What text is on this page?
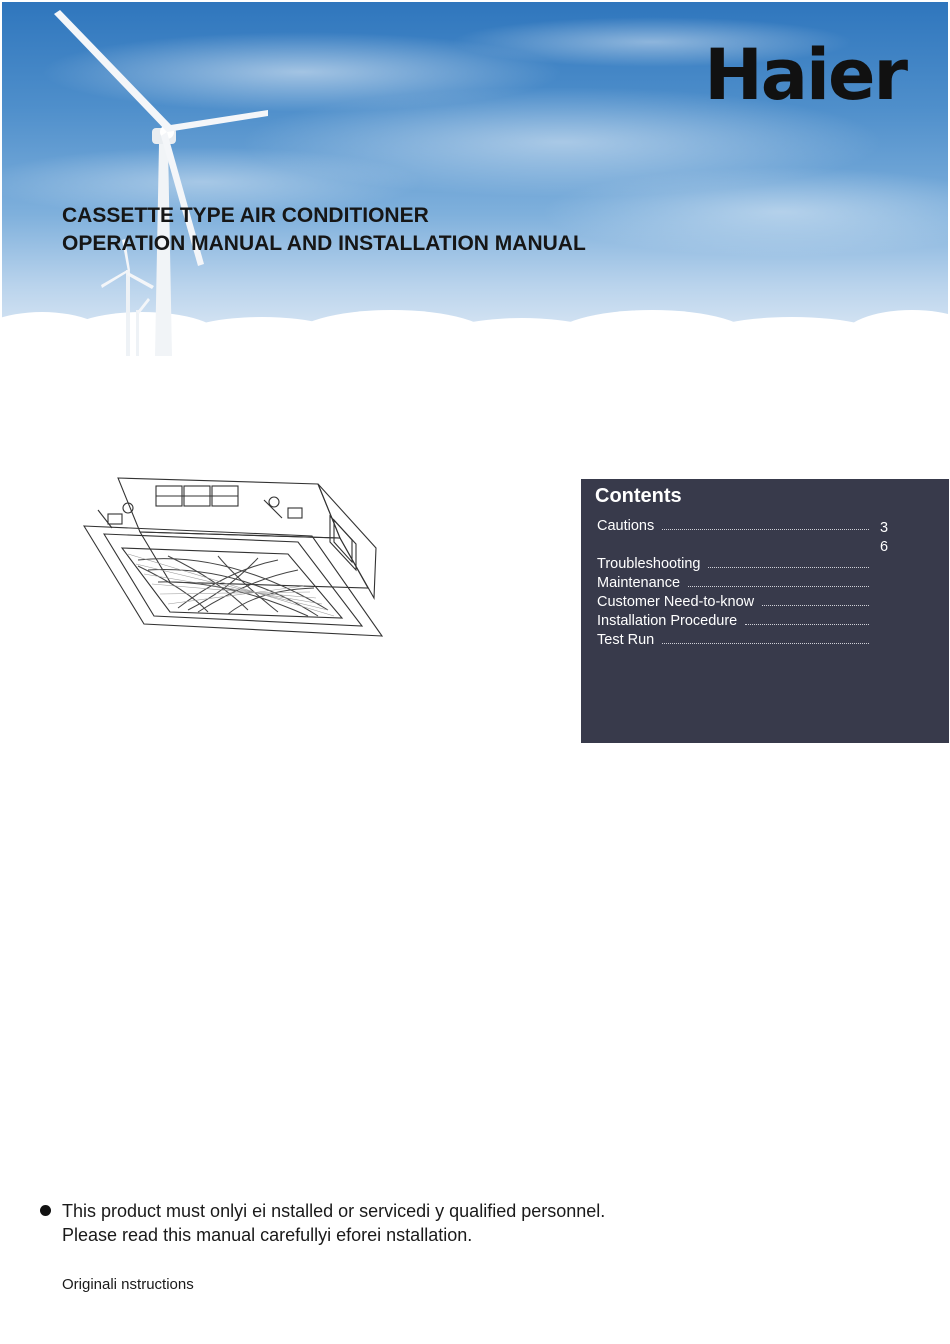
Haier
CASSETTE TYPE AIR CONDITIONER
OPERATION MANUAL AND INSTALLATION MANUAL
Contents
Cautions
Troubleshooting
Maintenance
Customer Need-to-know
Installation Procedure
Test Run
3
6
This product must onlyi ei nstalled or servicedi y qualified personnel.
Please read this manual carefullyi eforei nstallation.
Originali nstructions
